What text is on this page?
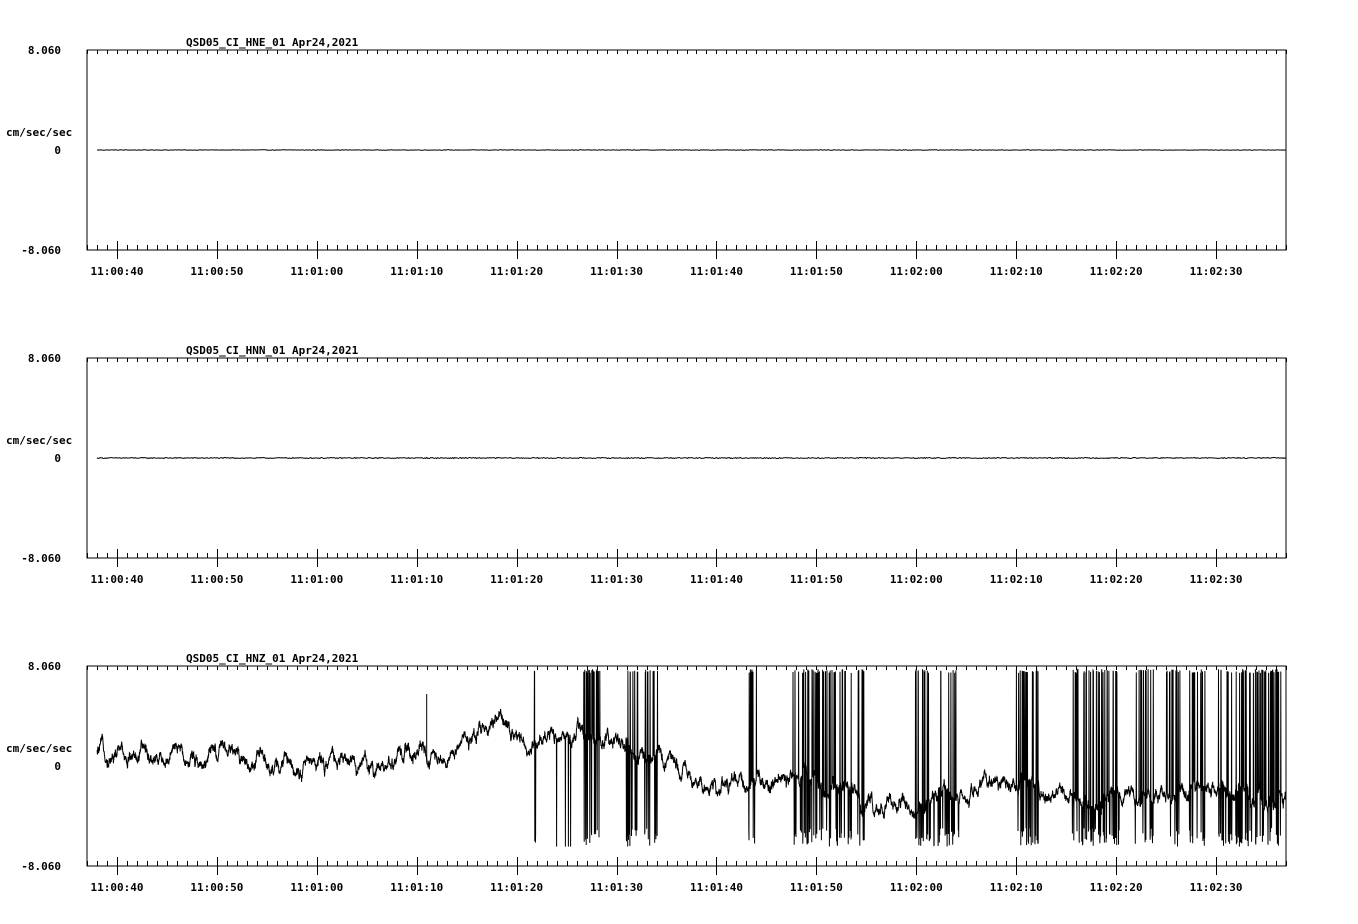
QSD05_CI_HNE_01 Apr24,2021
8.060
0
-8.060
cm/sec/sec
11:00:40	11:00:50	11:01:00	11:01:10	11:01:20	11:01:30	11:01:40	11:01:50	11:02:00	11:02:10	11:02:20	11:02:30
QSD05_CI_HNN_01 Apr24,2021
8.060
0
-8.060
cm/sec/sec
11:00:40	11:00:50	11:01:00	11:01:10	11:01:20	11:01:30	11:01:40	11:01:50	11:02:00	11:02:10	11:02:20	11:02:30
QSD05_CI_HNZ_01 Apr24,2021
8.060
0
-8.060
cm/sec/sec
11:00:40	11:00:50	11:01:00	11:01:10	11:01:20	11:01:30	11:01:40	11:01:50	11:02:00	11:02:10	11:02:20	11:02:30
